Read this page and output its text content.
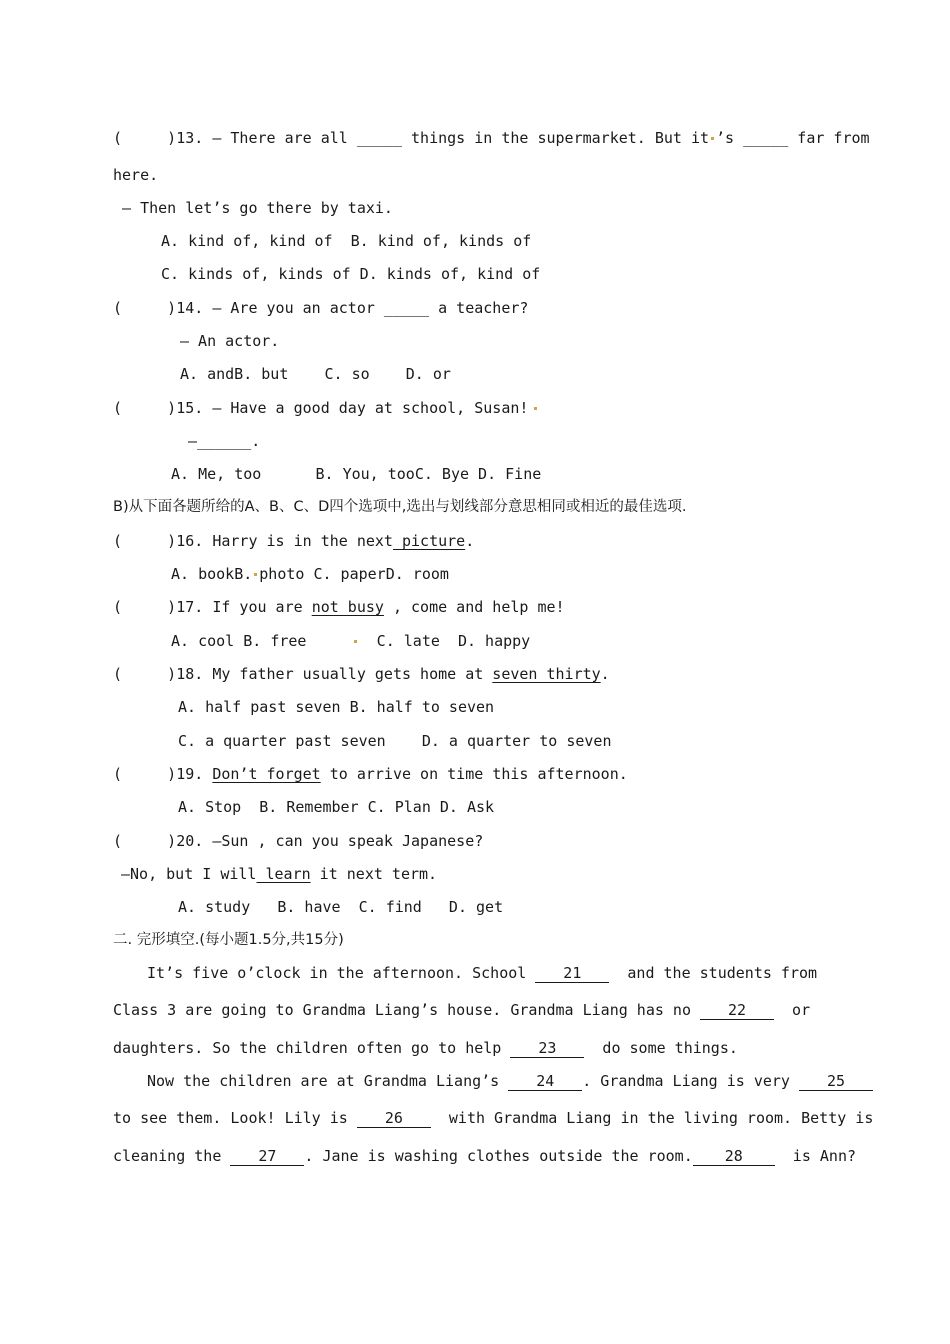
(     )13. — There are all _____ things in the supermarket. But it ’s _____ far from
here.
— Then let’s go there by taxi.
A. kind of, kind of  B. kind of, kinds of
C. kinds of, kinds of D. kinds of, kind of
(     )14. — Are you an actor _____ a teacher?
— An actor.
A. andB. but    C. so    D. or
(     )15. — Have a good day at school, Susan!
—______.
A. Me, too      B. You, tooC. Bye D. Fine
B)从下面各题所给的A、B、C、D四个选项中,选出与划线部分意思相同或相近的最佳选项.
(     )16. Harry is in the next picture.
A. bookB. photo C. paperD. room
(     )17. If you are not busy , come and help me!
A. cool B. free       C. late  D. happy
(     )18. My father usually gets home at seven thirty.
A. half past seven B. half to seven
C. a quarter past seven    D. a quarter to seven
(     )19. Don’t forget to arrive on time this afternoon.
A. Stop  B. Remember C. Plan D. Ask
(     )20. —Sun , can you speak Japanese?
—No, but I will learn it next term.
A. study   B. have  C. find   D. get
二. 完形填空.(每小题1.5分,共15分)
It’s five o’clock in the afternoon. School 21  and the students from
Class 3 are going to Grandma Liang’s house. Grandma Liang has no 22  or
daughters. So the children often go to help 23  do some things.
Now the children are at Grandma Liang’s 24 . Grandma Liang is very 25
to see them. Look! Lily is 26  with Grandma Liang in the living room. Betty is
cleaning the 27 . Jane is washing clothes outside the room. 28  is Ann?
